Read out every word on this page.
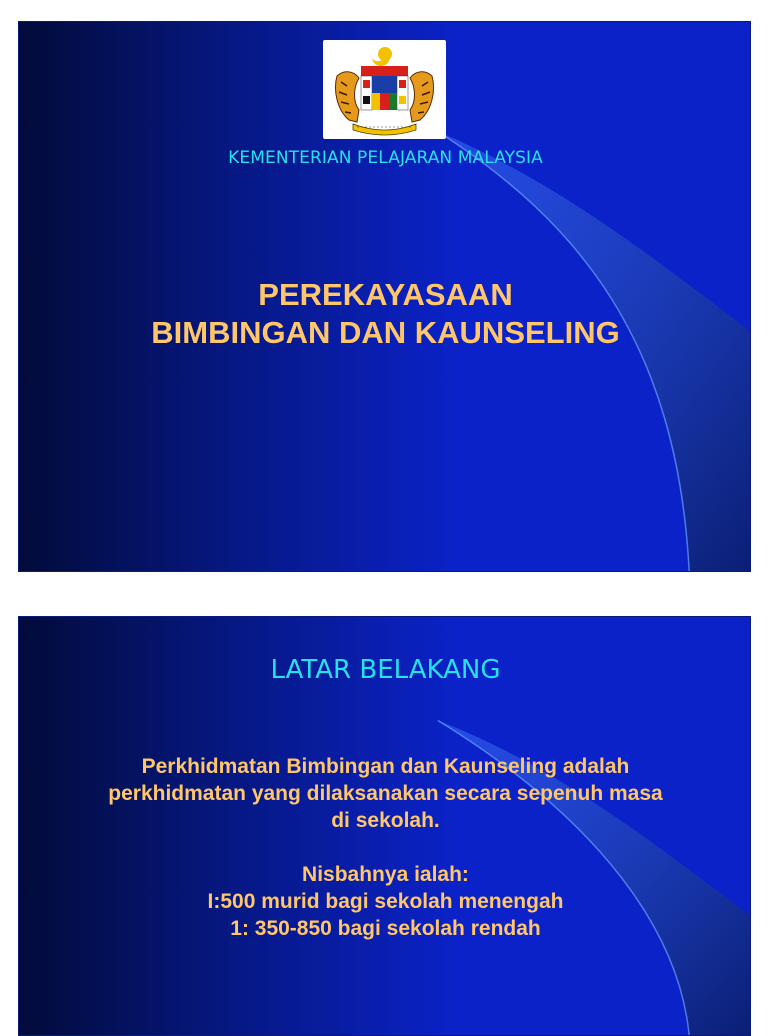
KEMENTERIAN PELAJARAN MALAYSIA
PEREKAYASAAN
BIMBINGAN DAN KAUNSELING
LATAR BELAKANG
Perkhidmatan Bimbingan dan Kaunseling adalah
perkhidmatan yang dilaksanakan secara sepenuh masa
di sekolah.
Nisbahnya ialah:
I:500 murid bagi sekolah menengah
1: 350-850 bagi sekolah rendah
